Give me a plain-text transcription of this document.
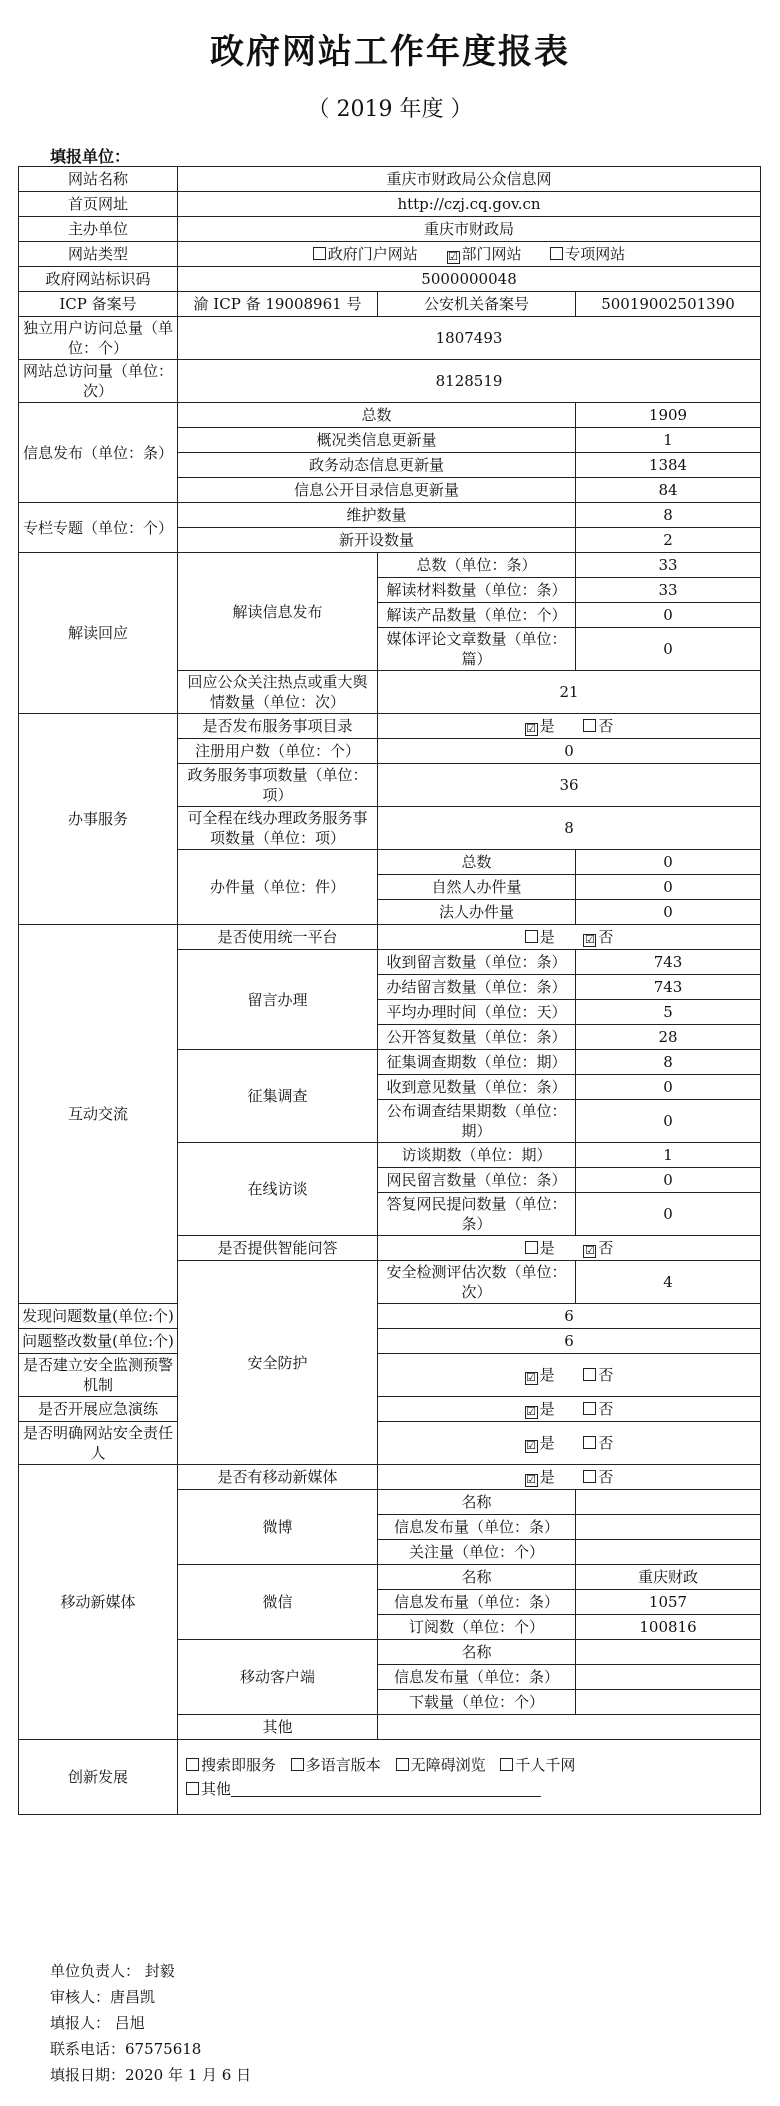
政府网站工作年度报表
（ 2019 年度 ）
填报单位：
网站名称	重庆市财政局公众信息网		
首页网址	http://czj.cq.gov.cn		
主办单位	重庆市财政局		
网站类型	政府门户网站 ☑ 部门网站 专项网站		
政府网站标识码	5000000048		
ICP 备案号	渝 ICP 备 19008961 号	公安机关备案号	50019002501390
独立用户访问总量（单位：个）	1807493		
网站总访问量（单位：次）	8128519		
信息发布（单位：条）	总数		1909
	概况类信息更新量		1
	政务动态信息更新量		1384
	信息公开目录信息更新量		84
专栏专题（单位：个）	维护数量		8
	新开设数量		2
解读回应	解读信息发布	总数（单位：条）	33
		解读材料数量（单位：条）	33
		解读产品数量（单位：个）	0
		媒体评论文章数量（单位：篇）	0
	回应公众关注热点或重大舆情数量（单位：次）	21	
办事服务	是否发布服务事项目录	☑ 是 否	
	注册用户数（单位：个）	0	
	政务服务事项数量（单位：项）	36	
	可全程在线办理政务服务事项数量（单位：项）	8	
	办件量（单位：件）	总数	0
		自然人办件量	0
		法人办件量	0
互动交流	是否使用统一平台	是 ☑ 否	
	留言办理	收到留言数量（单位：条）	743
		办结留言数量（单位：条）	743
		平均办理时间（单位：天）	5
		公开答复数量（单位：条）	28
	征集调查	征集调查期数（单位：期）	8
		收到意见数量（单位：条）	0
		公布调查结果期数（单位：期）	0
	在线访谈	访谈期数（单位：期）	1
		网民留言数量（单位：条）	0
		答复网民提问数量（单位：条）	0
	是否提供智能问答	是 ☑ 否	
	安全防护	安全检测评估次数（单位：次）	4
发现问题数量(单位:个)		6	
问题整改数量(单位:个)		6	
是否建立安全监测预警机制		☑ 是 否	
是否开展应急演练		☑ 是 否	
是否明确网站安全责任人		☑ 是 否	
移动新媒体	是否有移动新媒体	☑ 是 否	
	微博	名称	
		信息发布量（单位：条）	
		关注量（单位：个）	
	微信	名称	重庆财政
		信息发布量（单位：条）	1057
		订阅数（单位：个）	100816
	移动客户端	名称	
		信息发布量（单位：条）	
		下载量（单位：个）	
	其他		
创新发展	搜索即服务 多语言版本 无障碍浏览 千人千网
其他		
单位负责人： 封毅
审核人：唐昌凯
填报人： 吕旭
联系电话：67575618
填报日期：2020 年 1 月 6 日
